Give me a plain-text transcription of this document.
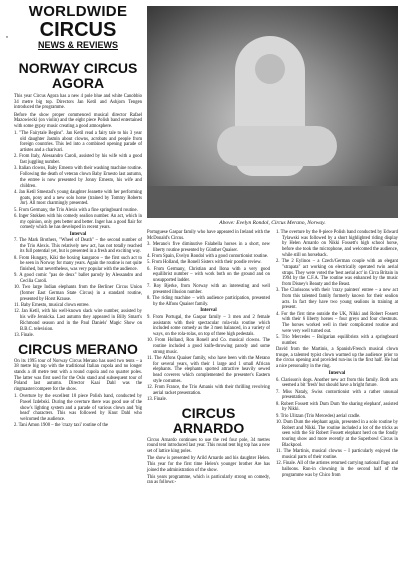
*
WORLDWIDE
CIRCUS
NEWS & REVIEWS
NORWAY CIRCUS AGORA

This year Circus Agora has a new 4 pole blue and white Canobbio 34 metre big top. Directors Jan Ketil and Ashjorn Tengen introduced the programme.

Before the show proper commenced musical director Rafael Mazowiecki (on violin) and the eight piece Polish band entertained with some gypsy music creating a good atmosphere.

1. "The Fairytale Begins". Jan Ketil read a fairy tale to his 3 year old daughter Jasmin about clowns, acrobats and people from foreign countries. This led into a combined opening parade of artistes and a charivari.

2. From Italy, Alessandro Caroli, assisted by his wife with a good fast juggling number.

3. Italian clowns, Baby Ernesto with their washing machine routine. Following the death of veteran clown Baby Ernesto last autumn, the entree is now presented by Jonny Ernesto, his wife and children.

4. Jan Ketil Smestad's young daughter Jeanette with her performing goats, pony and a new solo horse (trained by Tommy Roberts Jnr). All most charmingly presented.

5. From Germany, the Trio Alexis with a fine springboard routine.

6. Inger Stokken with his comedy sealion number. An act, which in my opinion, only gets better and better. Inger has a good flair for comedy which he has developed in recent years.

Interval

7. The Mark Brothers, "Wheel of Death" – the second number of the Trio Alexis. This relatively new act, has not totally reached its full potential yet, but is presented in a fresh and exciting way.

8. From Hungary, Kiki the boxing kangaroo – the first such act to be seen in Norway for many years. Again the routine is not quite finished, but nevertheless, was very popular with the audience.

9. A good comic "pas de deux" ballet parody by Alessandro and Cecilia Caroli.

10. Two large Indian elephants from the Berliner Circus Union (former East German State Circus) in a standard routine, presented by Horst Krause.

11. Baby Ernesto, musical clown entree.

12. Jan Ketil, with his well-known slack wire number, assisted by his wife Jennicka. Last autumn they appeared in Billy Smart's Richmond season and in the Paul Daniels' Magic Show on B.B.C. television.

13. Finale.

CIRCUS MERANO

On its 1995 tour of Norway Circus Merano has used two tents – a 38 metre big top with the traditional Italian cupola and no longer stands a 40 metre tent with a round cupola and no quarter poles. The latter was first used for the Oslo stand and subsequent tour of Poland last autumn. Director Kaai Dahl was the ringmaster/compere for the show.

1. Overture by the excellent 10 piece Polish band, conducted by Pawel Izdebski. During the overture there was good use of the show's lighting system and a parade of various clown and 'big head' characters. This was followed by Knut Dahl who welcomed the audience.

2. Tani Amon 1900 – the 'crazy taxi' routine of the

Above: Evelyn Rondol, Circus Merano, Norway.

Portuguese Gaspar family who have appeared in Ireland with the McDonald's Circus.

3. Merano's five diminutive Falabella horses in a short, new liberty routine presented by Günther Quaiser.

4. From Spain, Evelyn Rondol with a good contortionist routine.

5. From Holland, the Ronell Sisters with their poodle review.

6. From Germany, Christian and Ilona with a very good equilibrist number – with work both on the ground and on unsupported ladder.

7. Roy Bjerke, from Norway with an interesting and well presented illusion number.

8. The riding machine – with audience participation, presented by the Alfons Quaiser family.

Interval

9. From Portugal, the Gaspar family – 3 men and 2 female assistants with their spectacular rola-rola routine which included some comedy as the 3 men balanced, in a variety of ways, on the rola-rolas, on top of three high pedestals.

10. From Holland, Ron Ronell and Co. musical clowns. The routine included a good knife-throwing parody and some strong music.

11. The Alfons Quaiser family, who have been with the Merano for several years, with their 1 large and 1 small African elephants. The elephants sported attractive heavily sewed head coverers which complemented the presenter's Eastern style costumes.

12. From France, the Trio Amanis with their thrilling revolving aerial racket presentation.

13. Finale.

CIRCUS ARNARDO

Circus Arnardo continues to use the red four pole, 34 metres round tent introduced last year. This round tent big top has a new set of lattice king poles.

The show is presented by Arild Arnardo and his daughter Helen. This year for the first time Helen's younger brother Are has joined the administration of the show.

This years programme, which is particularly strong on comedy, ran as follows:-

1. The overture by the 8-piece Polish band conducted by Edward Tylawski was followed by a short highlighted riding display by Helen Arnardo on Nikki Fossett's high school horse, before she took the microphone, and welcomed the audience, while still on horseback.

2. The 2 Eylinos – a Czech/German couple with an elegant "strapata" act working on electrically operated twin aerial straps. They were voted the 'best aerial act' in Circa Britain in 1994 by the C.F.A. The routine was enhanced by the music from Disney's Beauty and the Beast.

3. The Clarissons with their 'crazy painters' entree – a new act from this talented family formerly known for their sealion acts. In fact they have two young sealions in training at present.

4. For the first time outside the UK, Nikki and Robert Fossett with their 6 liberty horses – four greys and four chestnuts. The horses worked well in their complicated routine and were very well turned out.

5. Trio Mercedes – Bulgarian equilibrists with a springboard number.

David from the Martinis, a Spanish/French musical clown troupe, a talented typist clown warmed up the audience prior to the circus opening and provided run-ins in the first half. He had a nice personality in the ring.

Interval

6. Clarisson's dogs. Another new act from this family. Both acts seemed a bit 'fresh' but should have a bright future.

7. Miss Nataly, Swiss contortionist with a rather unusual presentation.

8. Robert Fossett with Dum Dum 'the sharing elephant', assisted by Nikki.

9. Trio Ulitzan (Trio Mercedes) aerial cradle.

10. Dum Dum the elephant again, presented in a solo routine by Robert and Nikki. The routine included a lot of the tricks as seen with the Sir Robert Fossett elephant herd on the fondly touring show and more recently at the Superbowl Circus in Blackpool.

11. The Martinis, musical clowns – I particularly enjoyed the musical parts of their routine.

12. Finale. All of the artistes returned carrying national flags and balloons. Run-in clowning in the second half of the programme was by Chico from
